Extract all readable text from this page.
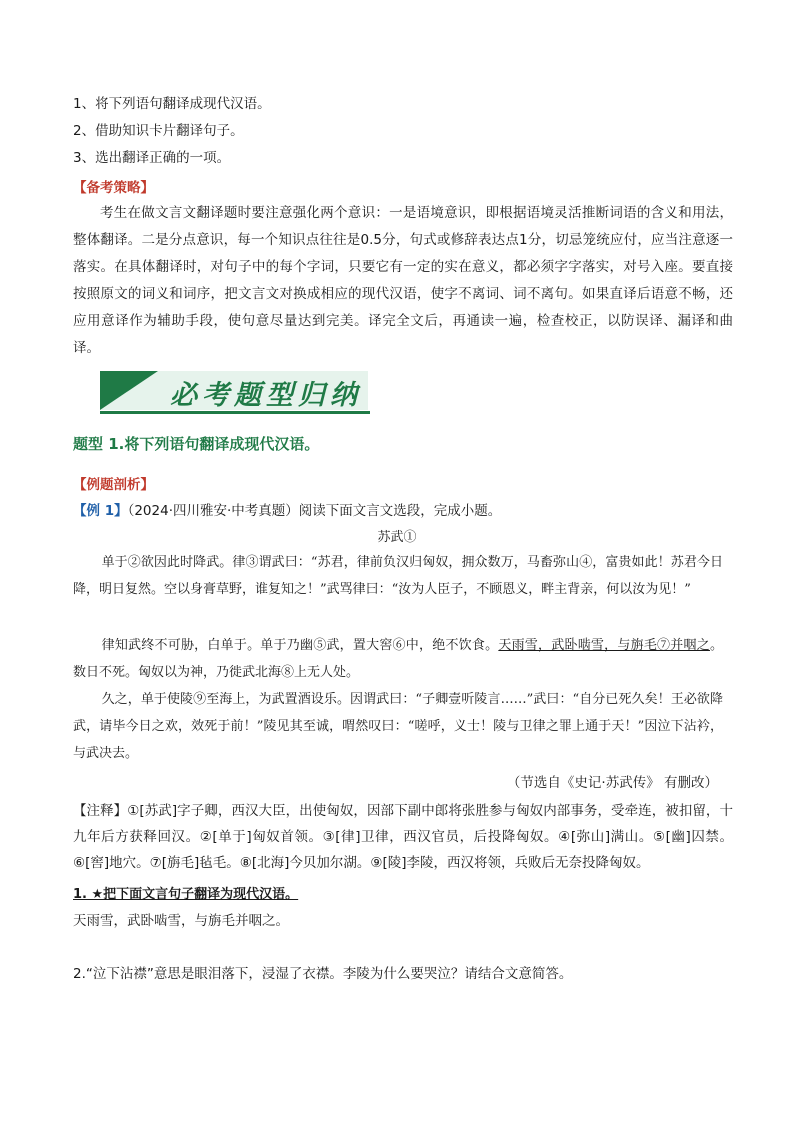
1、将下列语句翻译成现代汉语。
2、借助知识卡片翻译句子。
3、选出翻译正确的一项。
【备考策略】
考生在做文言文翻译题时要注意强化两个意识：一是语境意识，即根据语境灵活推断词语的含义和用法，整体翻译。二是分点意识，每一个知识点往往是0.5分，句式或修辞表达点1分，切忌笼统应付，应当注意逐一落实。在具体翻译时，对句子中的每个字词，只要它有一定的实在意义，都必须字字落实，对号入座。要直接按照原文的词义和词序，把文言文对换成相应的现代汉语，使字不离词、词不离句。如果直译后语意不畅，还应用意译作为辅助手段，使句意尽量达到完美。译完全文后，再通读一遍，检查校正，以防误译、漏译和曲译。
必考题型归纳
题型 1.将下列语句翻译成现代汉语。
【例题剖析】
【例 1】（2024·四川雅安·中考真题）阅读下面文言文选段，完成小题。
苏武①
单于②欲因此时降武。律③谓武曰：“苏君，律前负汉归匈奴，拥众数万，马畜弥山④，富贵如此！苏君今日降，明日复然。空以身膏草野，谁复知之！”武骂律曰：“汝为人臣子，不顾恩义，畔主背亲，何以汝为见！”
律知武终不可胁，白单于。单于乃幽⑤武，置大窖⑥中，绝不饮食。天雨雪，武卧啮雪，与旃毛⑦并咽之。数日不死。匈奴以为神，乃徙武北海⑧上无人处。
久之，单于使陵⑨至海上，为武置酒设乐。因谓武曰：“子卿壹听陵言……”武曰：“自分已死久矣！王必欲降武，请毕今日之欢，效死于前！”陵见其至诚，喟然叹曰：“嗟呼，义士！陵与卫律之罪上通于天！”因泣下沾衿，与武决去。
（节选自《史记·苏武传》 有删改）
【注释】①[苏武]字子卿，西汉大臣，出使匈奴，因部下副中郎将张胜参与匈奴内部事务，受牵连，被扣留，十九年后方获释回汉。②[单于]匈奴首领。③[律]卫律，西汉官员，后投降匈奴。④[弥山]满山。⑤[幽]囚禁。⑥[窖]地穴。⑦[旃毛]毡毛。⑧[北海]今贝加尔湖。⑨[陵]李陵，西汉将领，兵败后无奈投降匈奴。
1. ★把下面文言句子翻译为现代汉语。
天雨雪，武卧啮雪，与旃毛并咽之。
2.“泣下沾襟”意思是眼泪落下，浸湿了衣襟。李陵为什么要哭泣？请结合文意简答。
